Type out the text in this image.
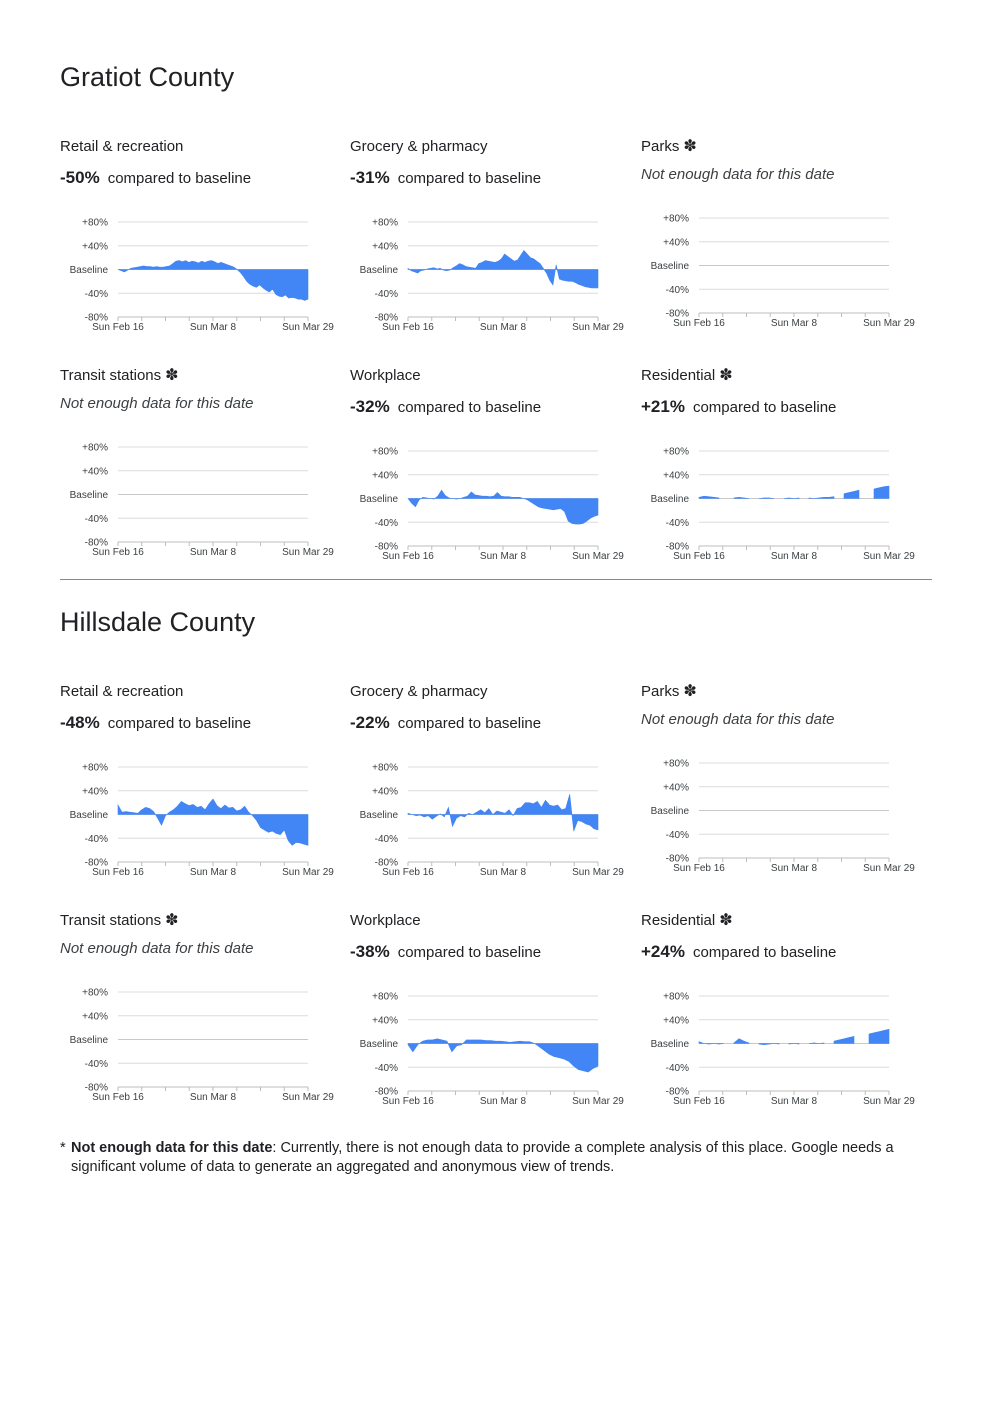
Gratiot County
Retail & recreation
-50% compared to baseline
+80%
+40%
Baseline
-40%
-80%
Sun Feb 16	Sun Mar 8	Sun Mar 29
Grocery & pharmacy
-31% compared to baseline
+80%
+40%
Baseline
-40%
-80%
Sun Feb 16	Sun Mar 8	Sun Mar 29
Parks ✽
Not enough data for this date
+80%
+40%
Baseline
-40%
-80%
Sun Feb 16	Sun Mar 8	Sun Mar 29
Transit stations ✽
Not enough data for this date
+80%
+40%
Baseline
-40%
-80%
Sun Feb 16	Sun Mar 8	Sun Mar 29
Workplace
-32% compared to baseline
+80%
+40%
Baseline
-40%
-80%
Sun Feb 16	Sun Mar 8	Sun Mar 29
Residential ✽
+21% compared to baseline
+80%
+40%
Baseline
-40%
-80%
Sun Feb 16	Sun Mar 8	Sun Mar 29
Hillsdale County
Retail & recreation
-48% compared to baseline
+80%
+40%
Baseline
-40%
-80%
Sun Feb 16	Sun Mar 8	Sun Mar 29
Grocery & pharmacy
-22% compared to baseline
+80%
+40%
Baseline
-40%
-80%
Sun Feb 16	Sun Mar 8	Sun Mar 29
Parks ✽
Not enough data for this date
+80%
+40%
Baseline
-40%
-80%
Sun Feb 16	Sun Mar 8	Sun Mar 29
Transit stations ✽
Not enough data for this date
+80%
+40%
Baseline
-40%
-80%
Sun Feb 16	Sun Mar 8	Sun Mar 29
Workplace
-38% compared to baseline
+80%
+40%
Baseline
-40%
-80%
Sun Feb 16	Sun Mar 8	Sun Mar 29
Residential ✽
+24% compared to baseline
+80%
+40%
Baseline
-40%
-80%
Sun Feb 16	Sun Mar 8	Sun Mar 29
* Not enough data for this date: Currently, there is not enough data to provide a complete analysis of this place. Google needs a significant volume of data to generate an aggregated and anonymous view of trends.
